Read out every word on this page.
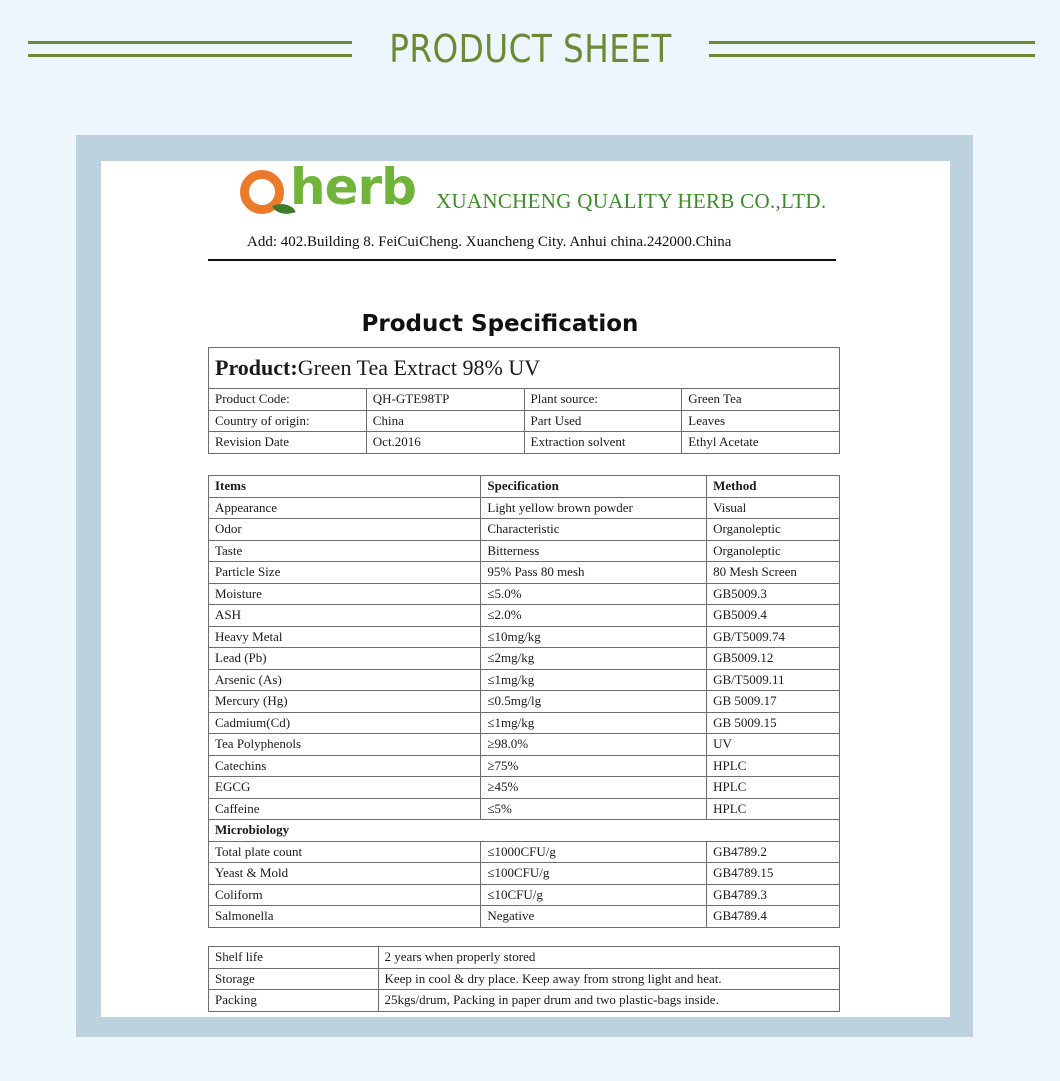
PRODUCT SHEET
herb XUANCHENG QUALITY HERB CO.,LTD.
Add: 402.Building 8. FeiCuiCheng. Xuancheng City. Anhui china.242000.China
Product Specification
Product:Green Tea Extract 98% UV			
Product Code:	QH-GTE98TP	Plant source:	Green Tea
Country of origin:	China	Part Used	Leaves
Revision Date	Oct.2016	Extraction solvent	Ethyl Acetate
Items	Specification	Method
Appearance	Light yellow brown powder	Visual
Odor	Characteristic	Organoleptic
Taste	Bitterness	Organoleptic
Particle Size	95% Pass 80 mesh	80 Mesh Screen
Moisture	≤5.0%	GB5009.3
ASH	≤2.0%	GB5009.4
Heavy Metal	≤10mg/kg	GB/T5009.74
Lead (Pb)	≤2mg/kg	GB5009.12
Arsenic (As)	≤1mg/kg	GB/T5009.11
Mercury (Hg)	≤0.5mg/lg	GB 5009.17
Cadmium(Cd)	≤1mg/kg	GB 5009.15
Tea Polyphenols	≥98.0%	UV
Catechins	≥75%	HPLC
EGCG	≥45%	HPLC
Caffeine	≤5%	HPLC
Microbiology		
Total plate count	≤1000CFU/g	GB4789.2
Yeast & Mold	≤100CFU/g	GB4789.15
Coliform	≤10CFU/g	GB4789.3
Salmonella	Negative	GB4789.4
Shelf life	2 years when properly stored
Storage	Keep in cool & dry place. Keep away from strong light and heat.
Packing	25kgs/drum, Packing in paper drum and two plastic-bags inside.
